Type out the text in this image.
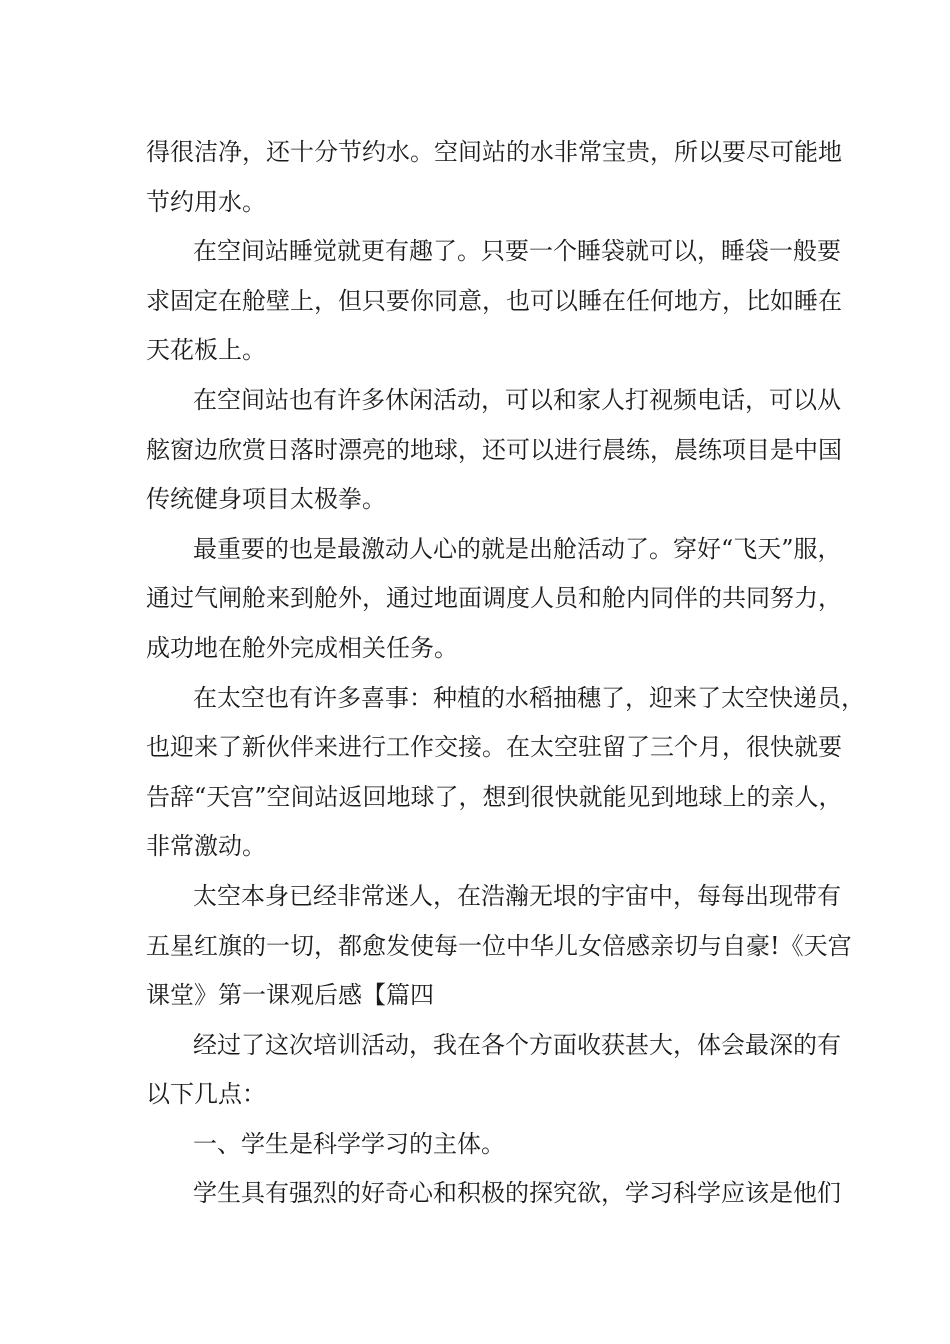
得很洁净，还十分节约水。空间站的水非常宝贵，所以要尽可能地
节约用水。
在空间站睡觉就更有趣了。只要一个睡袋就可以，睡袋一般要
求固定在舱壁上，但只要你同意，也可以睡在任何地方，比如睡在
天花板上。
在空间站也有许多休闲活动，可以和家人打视频电话，可以从
舷窗边欣赏日落时漂亮的地球，还可以进行晨练，晨练项目是中国
传统健身项目太极拳。
最重要的也是最激动人心的就是出舱活动了。穿好“飞天”服，
通过气闸舱来到舱外，通过地面调度人员和舱内同伴的共同努力，
成功地在舱外完成相关任务。
在太空也有许多喜事：种植的水稻抽穗了，迎来了太空快递员，
也迎来了新伙伴来进行工作交接。在太空驻留了三个月，很快就要
告辞“天宫”空间站返回地球了，想到很快就能见到地球上的亲人，
非常激动。
太空本身已经非常迷人，在浩瀚无垠的宇宙中，每每出现带有
五星红旗的一切，都愈发使每一位中华儿女倍感亲切与自豪!《天宫
课堂》第一课观后感【篇四
经过了这次培训活动，我在各个方面收获甚大，体会最深的有
以下几点：
一、学生是科学学习的主体。
学生具有强烈的好奇心和积极的探究欲，学习科学应该是他们
